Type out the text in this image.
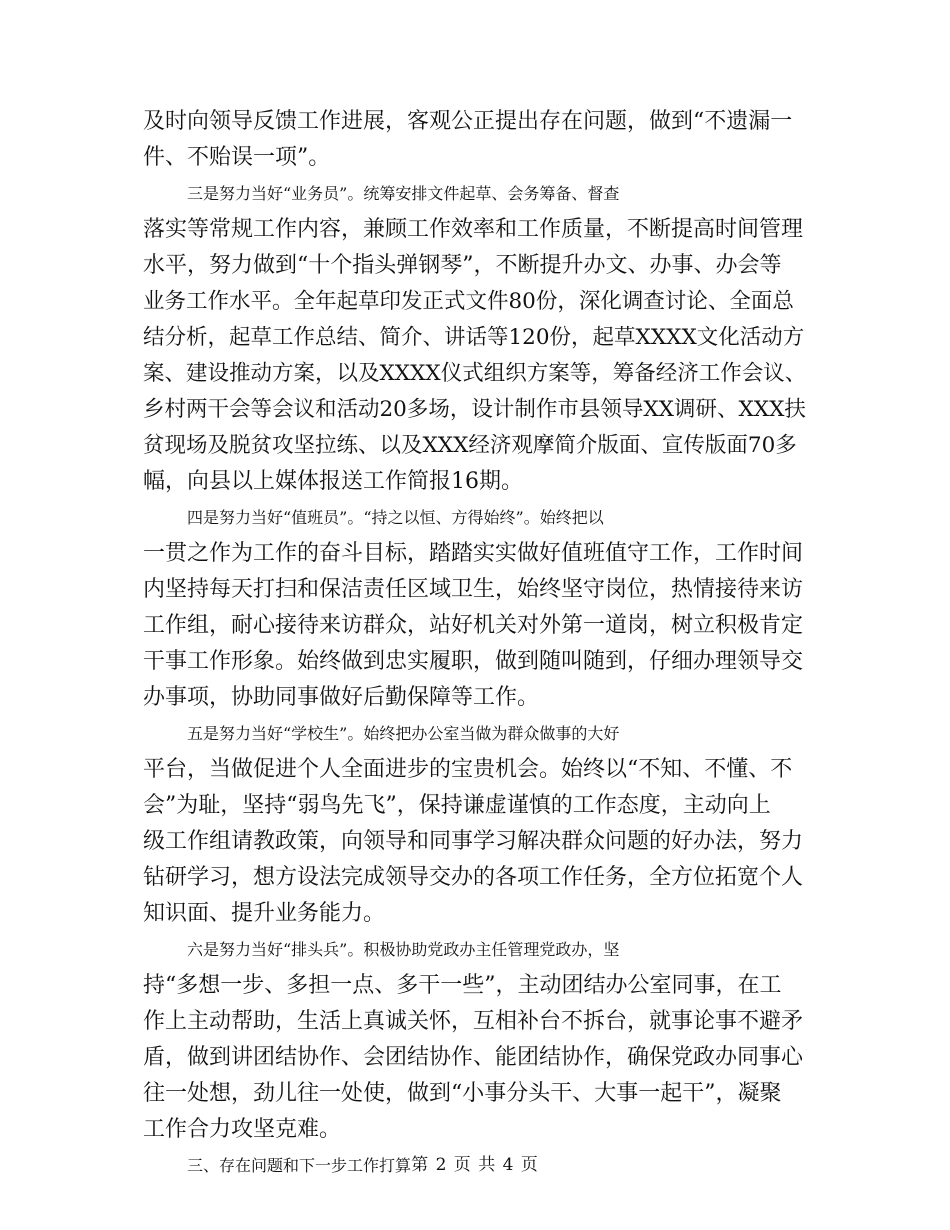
及时向领导反馈工作进展，客观公正提出存在问题，做到“不遗漏一
件、不贻误一项”。
三是努力当好“业务员”。统筹安排文件起草、会务筹备、督查
落实等常规工作内容，兼顾工作效率和工作质量，不断提高时间管理
水平，努力做到“十个指头弹钢琴”，不断提升办文、办事、办会等
业务工作水平。全年起草印发正式文件80份，深化调查讨论、全面总
结分析，起草工作总结、简介、讲话等120份，起草XXXX文化活动方
案、建设推动方案，以及XXXX仪式组织方案等，筹备经济工作会议、
乡村两干会等会议和活动20多场，设计制作市县领导XX调研、XXX扶
贫现场及脱贫攻坚拉练、以及XXX经济观摩简介版面、宣传版面70多
幅，向县以上媒体报送工作简报16期。
四是努力当好“值班员”。“持之以恒、方得始终”。始终把以
一贯之作为工作的奋斗目标，踏踏实实做好值班值守工作，工作时间
内坚持每天打扫和保洁责任区域卫生，始终坚守岗位，热情接待来访
工作组，耐心接待来访群众，站好机关对外第一道岗，树立积极肯定
干事工作形象。始终做到忠实履职，做到随叫随到，仔细办理领导交
办事项，协助同事做好后勤保障等工作。
五是努力当好“学校生”。始终把办公室当做为群众做事的大好
平台，当做促进个人全面进步的宝贵机会。始终以“不知、不懂、不
会”为耻，坚持“弱鸟先飞”，保持谦虚谨慎的工作态度，主动向上
级工作组请教政策，向领导和同事学习解决群众问题的好办法，努力
钻研学习，想方设法完成领导交办的各项工作任务，全方位拓宽个人
知识面、提升业务能力。
六是努力当好“排头兵”。积极协助党政办主任管理党政办，坚
持“多想一步、多担一点、多干一些”，主动团结办公室同事，在工
作上主动帮助，生活上真诚关怀，互相补台不拆台，就事论事不避矛
盾，做到讲团结协作、会团结协作、能团结协作，确保党政办同事心
往一处想，劲儿往一处使，做到“小事分头干、大事一起干”，凝聚
工作合力攻坚克难。
三、存在问题和下一步工作打算 第 2 页 共 4 页
